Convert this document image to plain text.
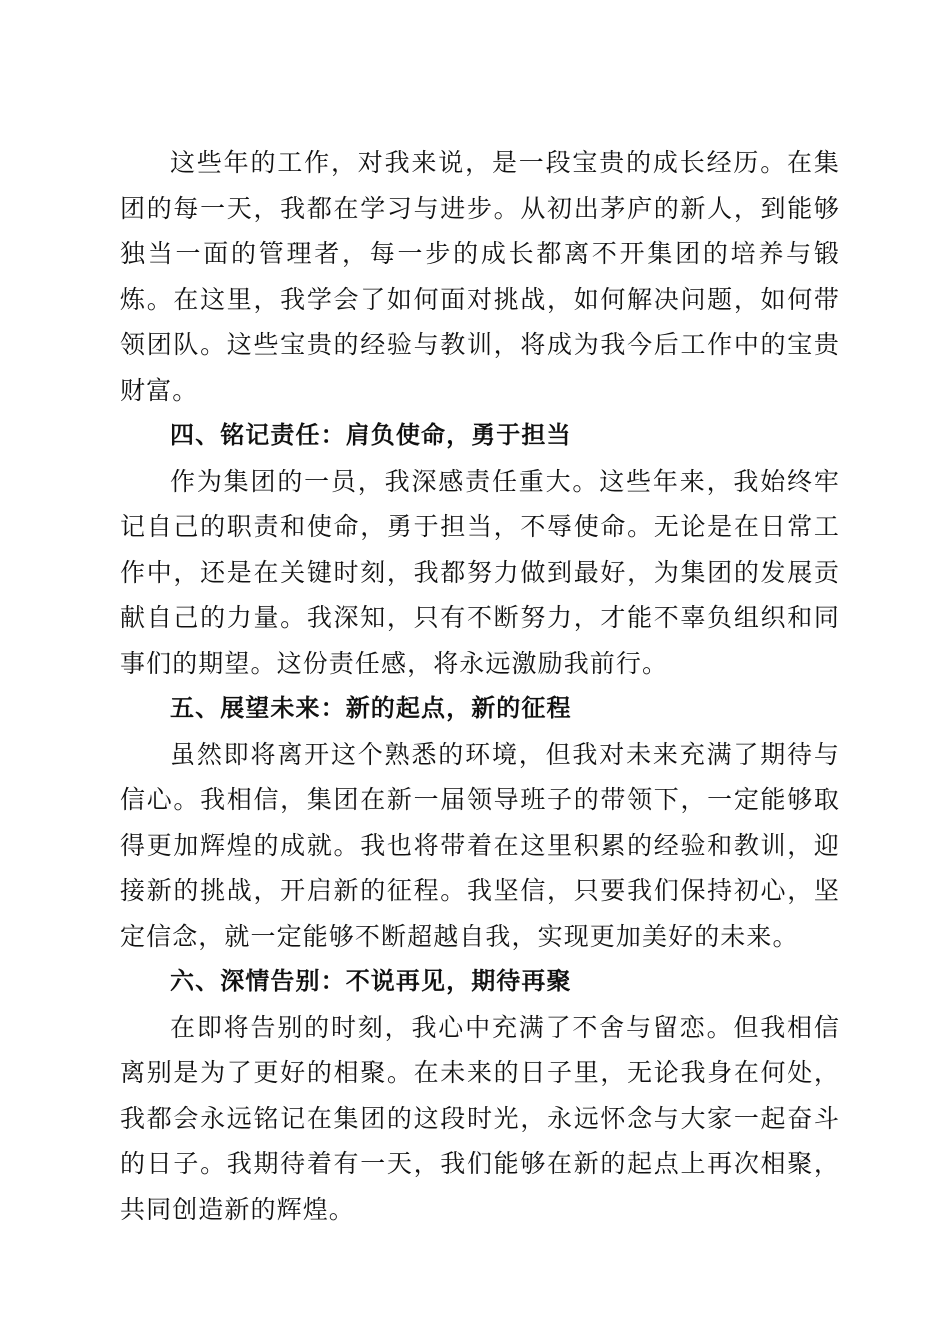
这些年的工作，对我来说，是一段宝贵的成长经历。在集团的每一天，我都在学习与进步。从初出茅庐的新人，到能够独当一面的管理者，每一步的成长都离不开集团的培养与锻炼。在这里，我学会了如何面对挑战，如何解决问题，如何带领团队。这些宝贵的经验与教训，将成为我今后工作中的宝贵财富。

四、铭记责任：肩负使命，勇于担当

作为集团的一员，我深感责任重大。这些年来，我始终牢记自己的职责和使命，勇于担当，不辱使命。无论是在日常工作中，还是在关键时刻，我都努力做到最好，为集团的发展贡献自己的力量。我深知，只有不断努力，才能不辜负组织和同事们的期望。这份责任感，将永远激励我前行。

五、展望未来：新的起点，新的征程

虽然即将离开这个熟悉的环境，但我对未来充满了期待与信心。我相信，集团在新一届领导班子的带领下，一定能够取得更加辉煌的成就。我也将带着在这里积累的经验和教训，迎接新的挑战，开启新的征程。我坚信，只要我们保持初心，坚定信念，就一定能够不断超越自我，实现更加美好的未来。

六、深情告别：不说再见，期待再聚

在即将告别的时刻，我心中充满了不舍与留恋。但我相信离别是为了更好的相聚。在未来的日子里，无论我身在何处，我都会永远铭记在集团的这段时光，永远怀念与大家一起奋斗的日子。我期待着有一天，我们能够在新的起点上再次相聚，共同创造新的辉煌。
